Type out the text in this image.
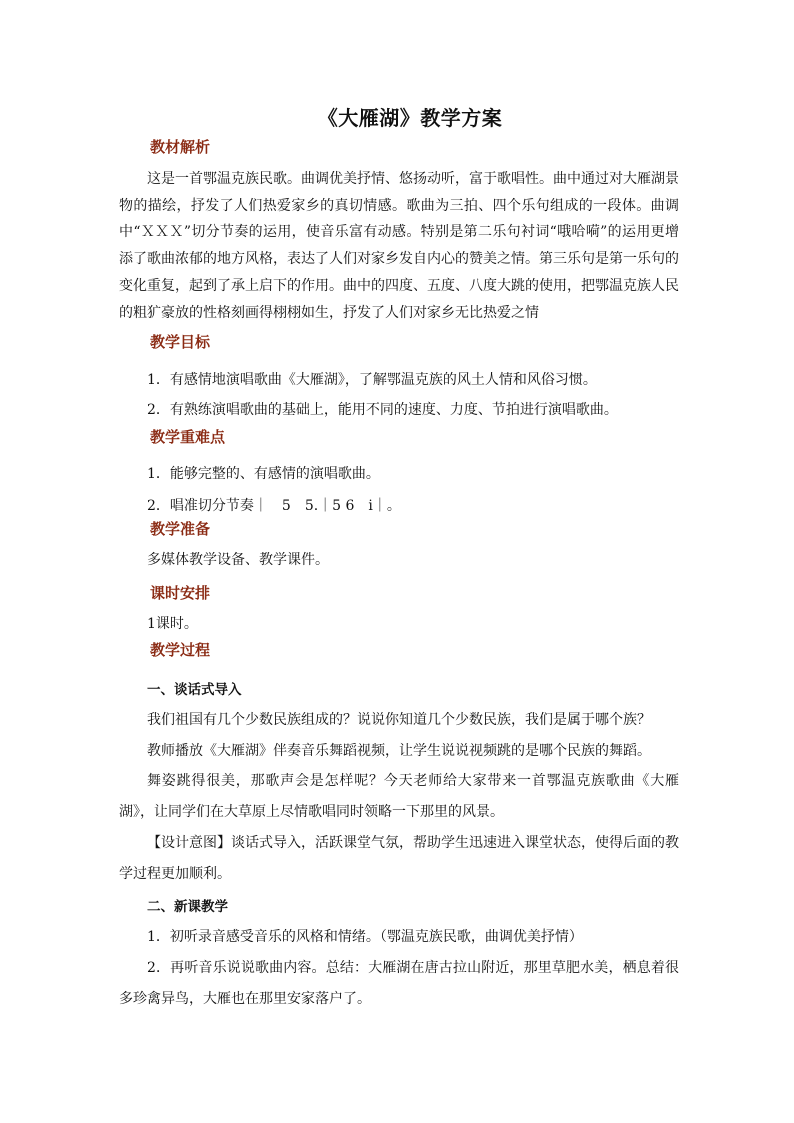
《大雁湖》教学方案
教材解析
这是一首鄂温克族民歌。曲调优美抒情、悠扬动听，富于歌唱性。曲中通过对大雁湖景物的描绘，抒发了人们热爱家乡的真切情感。歌曲为三拍、四个乐句组成的一段体。曲调中“ＸＸＸ”切分节奏的运用，使音乐富有动感。特别是第二乐句衬词“哦哈嗬”的运用更增添了歌曲浓郁的地方风格，表达了人们对家乡发自内心的赞美之情。第三乐句是第一乐句的变化重复，起到了承上启下的作用。曲中的四度、五度、八度大跳的使用，把鄂温克族人民的粗犷豪放的性格刻画得栩栩如生，抒发了人们对家乡无比热爱之情
教学目标
1．有感情地演唱歌曲《大雁湖》，了解鄂温克族的风土人情和风俗习惯。
2．有熟练演唱歌曲的基础上，能用不同的速度、力度、节拍进行演唱歌曲。
教学重难点
1．能够完整的、有感情的演唱歌曲。
2．唱准切分节奏｜　5　5.｜5 6　i｜。
教学准备
多媒体教学设备、教学课件。
课时安排
1课时。
教学过程
一、谈话式导入
我们祖国有几个少数民族组成的？说说你知道几个少数民族，我们是属于哪个族？
教师播放《大雁湖》伴奏音乐舞蹈视频，让学生说说视频跳的是哪个民族的舞蹈。
舞姿跳得很美，那歌声会是怎样呢？今天老师给大家带来一首鄂温克族歌曲《大雁湖》，让同学们在大草原上尽情歌唱同时领略一下那里的风景。
【设计意图】谈话式导入，活跃课堂气氛，帮助学生迅速进入课堂状态，使得后面的教学过程更加顺利。
二、新课教学
1．初听录音感受音乐的风格和情绪。（鄂温克族民歌，曲调优美抒情）
2．再听音乐说说歌曲内容。总结：大雁湖在唐古拉山附近，那里草肥水美，栖息着很多珍禽异鸟，大雁也在那里安家落户了。
